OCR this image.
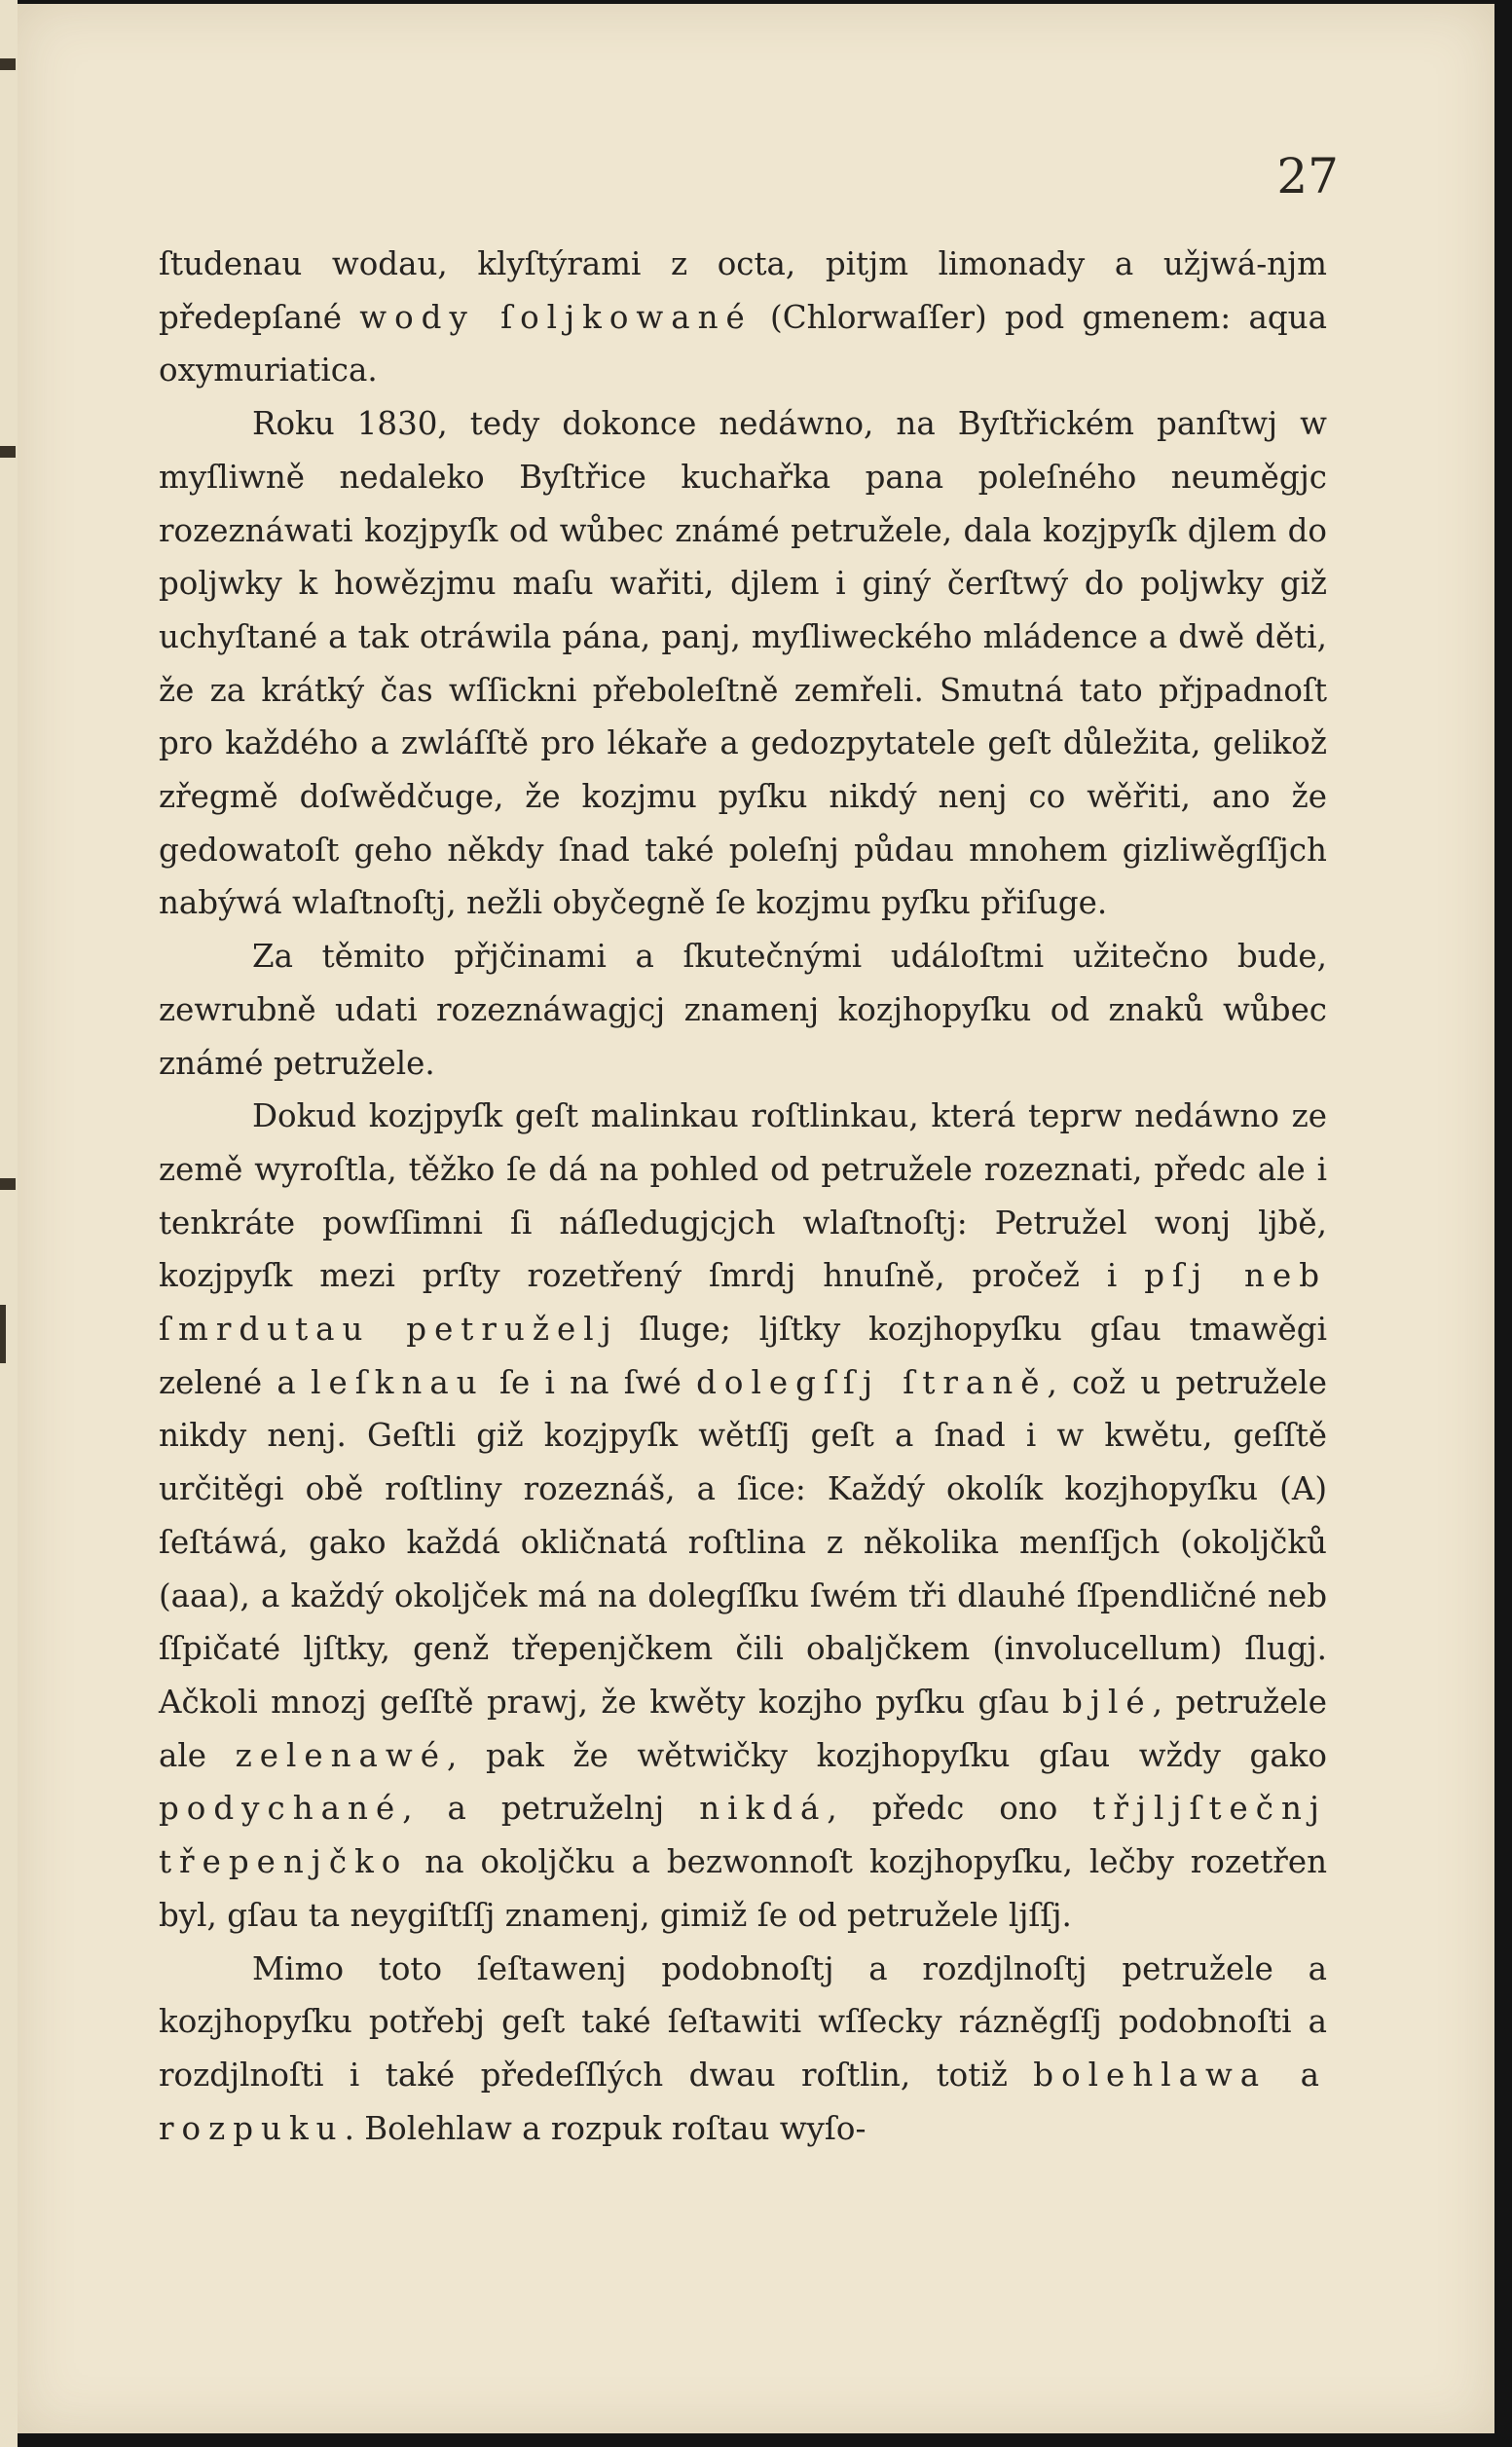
27

ſtudenau wodau, klyſtýrami z octa, pitjm limonady a užjwá-njm předepſané wody ſoljkowané (Chlorwaſſer) pod gmenem: aqua oxymuriatica.

Roku 1830, tedy dokonce nedáwno, na Byſtřickém panſtwj w myſliwně nedaleko Byſtřice kuchařka pana poleſného neuměgjc rozeznáwati kozjpyſk od wůbec známé petružele, dala kozjpyſk djlem do poljwky k howězjmu maſu wařiti, djlem i giný čerſtwý do poljwky giž uchyſtané a tak otráwila pána, panj, myſliweckého mládence a dwě děti, že za krátký čas wſſickni přeboleſtně zemřeli. Smutná tato přjpadnoſt pro každého a zwláſſtě pro lékaře a gedozpytatele geſt důležita, gelikož zřegmě doſwědčuge, že kozjmu pyſku nikdý nenj co wěřiti, ano že gedowatoſt geho někdy ſnad také poleſnj půdau mnohem gizliwěgſſjch nabýwá wlaſtnoſtj, nežli obyčegně ſe kozjmu pyſku přiſuge.

Za těmito přjčinami a ſkutečnými událoſtmi užitečno bude, zewrubně udati rozeznáwagjcj znamenj kozjhopyſku od znaků wůbec známé petružele.

Dokud kozjpyſk geſt malinkau roſtlinkau, která teprw nedáwno ze země wyroſtla, těžko ſe dá na pohled od petružele rozeznati, předc ale i tenkráte powſſimni ſi náſledugjcjch wlaſtnoſtj: Petružel wonj ljbě, kozjpyſk mezi prſty rozetřený ſmrdj hnuſně, pročež i pſj neb ſmrdutau petruželj ſluge; ljſtky kozjhopyſku gſau tmawěgi zelené a leſknau ſe i na ſwé dolegſſj ſtraně, což u petružele nikdy nenj. Geſtli giž kozjpyſk wětſſj geſt a ſnad i w kwětu, geſſtě určitěgi obě roſtliny rozeznáš, a ſice: Každý okolík kozjhopyſku (A) ſeſtáwá, gako každá okličnatá roſtlina z několika menſſjch (okoljčků (aaa), a každý okoljček má na dolegſſku ſwém tři dlauhé ſſpendličné neb ſſpičaté ljſtky, genž třepenjčkem čili obaljčkem (involucellum) ſlugj. Ačkoli mnozj geſſtě prawj, že kwěty kozjho pyſku gſau bjlé, petružele ale zelenawé, pak že wětwičky kozjhopyſku gſau wždy gako podychané, a petruželnj nikdá, předc ono třjljſtečnj třepenjčko na okoljčku a bezwonnoſt kozjhopyſku, lečby rozetřen byl, gſau ta neygiſtſſj znamenj, gimiž ſe od petružele ljſſj.

Mimo toto ſeſtawenj podobnoſtj a rozdjlnoſtj petružele a kozjhopyſku potřebj geſt také ſeſtawiti wſſecky rázněgſſj podobnoſti a rozdjlnoſti i také předeſſlých dwau roſtlin, totiž bolehlawa a rozpuku. Bolehlaw a rozpuk roſtau wyſo-
